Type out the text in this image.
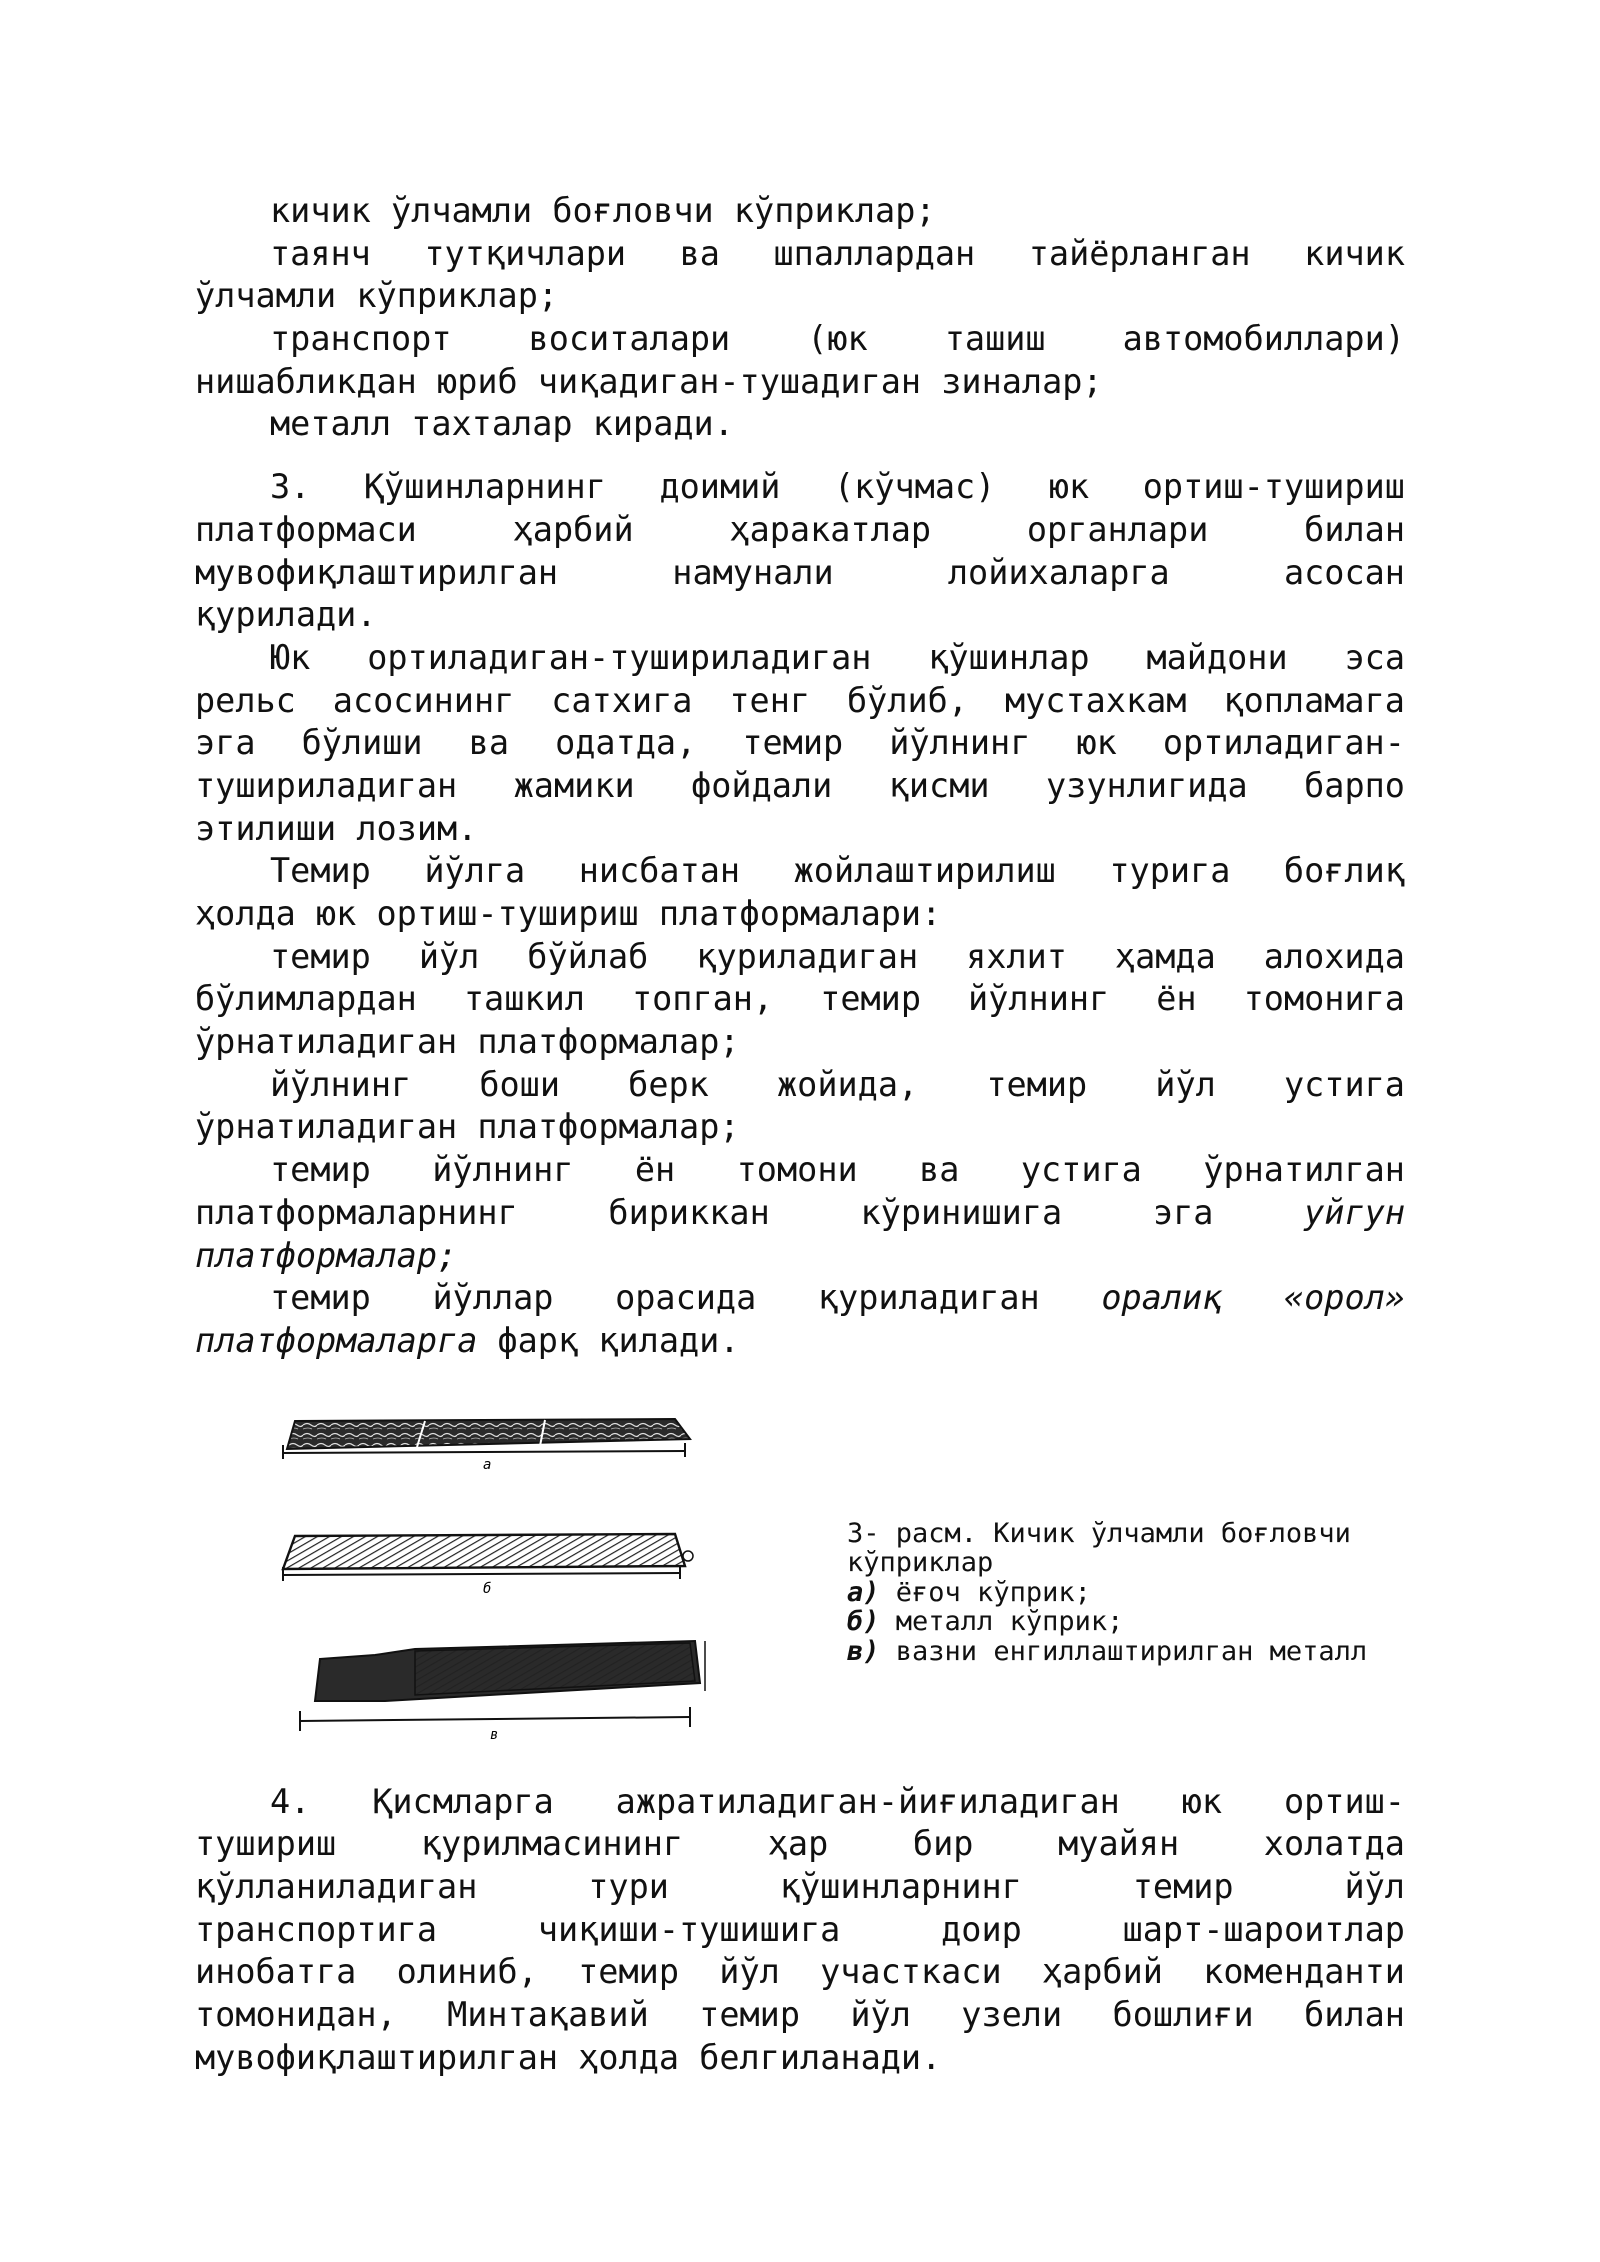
кичик ўлчамли боғловчи кўприклар;
таянч тутқичлари ва шпаллардан тайёрланган кичик
ўлчамли кўприклар;
транспорт воситалари (юк ташиш автомобиллари)
нишабликдан юриб чиқадиган-тушадиган зиналар;
металл тахталар киради.
3. Қўшинларнинг доимий (кўчмас) юк ортиш-тушириш
платформаси	ҳарбий	ҳаракатлар	органлари	билан
мувофиқлаштирилган	намунали	лойихаларга	асосан
қурилади.
Юк ортиладиган-тушириладиган қўшинлар майдони эса
рельс асосининг сатхига тенг бўлиб, мустахкам қопламага
эга бўлиши ва одатда, темир йўлнинг юк ортиладиган-
тушириладиган жамики фойдали қисми узунлигида барпо
этилиши лозим.
Темир йўлга нисбатан жойлаштирилиш турига боғлиқ
ҳолда юк ортиш-тушириш платформалари:
темир йўл бўйлаб қуриладиган яхлит ҳамда алохида
бўлимлардан ташкил топган, темир йўлнинг ён томонига
ўрнатиладиган платформалар;
йўлнинг боши берк жойида, темир йўл устига
ўрнатиладиган платформалар;
темир йўлнинг ён томони ва устига ўрнатилган
платформаларнинг	бириккан	кўринишига	эга	уйгун
платформалар;
темир йўллар орасида қуриладиган оралиқ «орол»
платформаларга фарқ қилади.
а
б
в
3- расм. Кичик ўлчамли боғловчи
кўприклар
а) ёғоч кўприк;
б) металл кўприк;
в) вазни енгиллаштирилган металл
4. Қисмларга ажратиладиган-йиғиладиган юк ортиш-
тушириш	қурилмасининг	ҳар	бир	муайян	холатда
қўлланиладиган	тури	қўшинларнинг	темир	йўл
транспортига	чиқиши-тушишига	доир	шарт-шароитлар
инобатга олиниб, темир йўл участкаси ҳарбий коменданти
томонидан, Минтақавий темир йўл узели бошлиғи билан
мувофиқлаштирилган ҳолда белгиланади.
